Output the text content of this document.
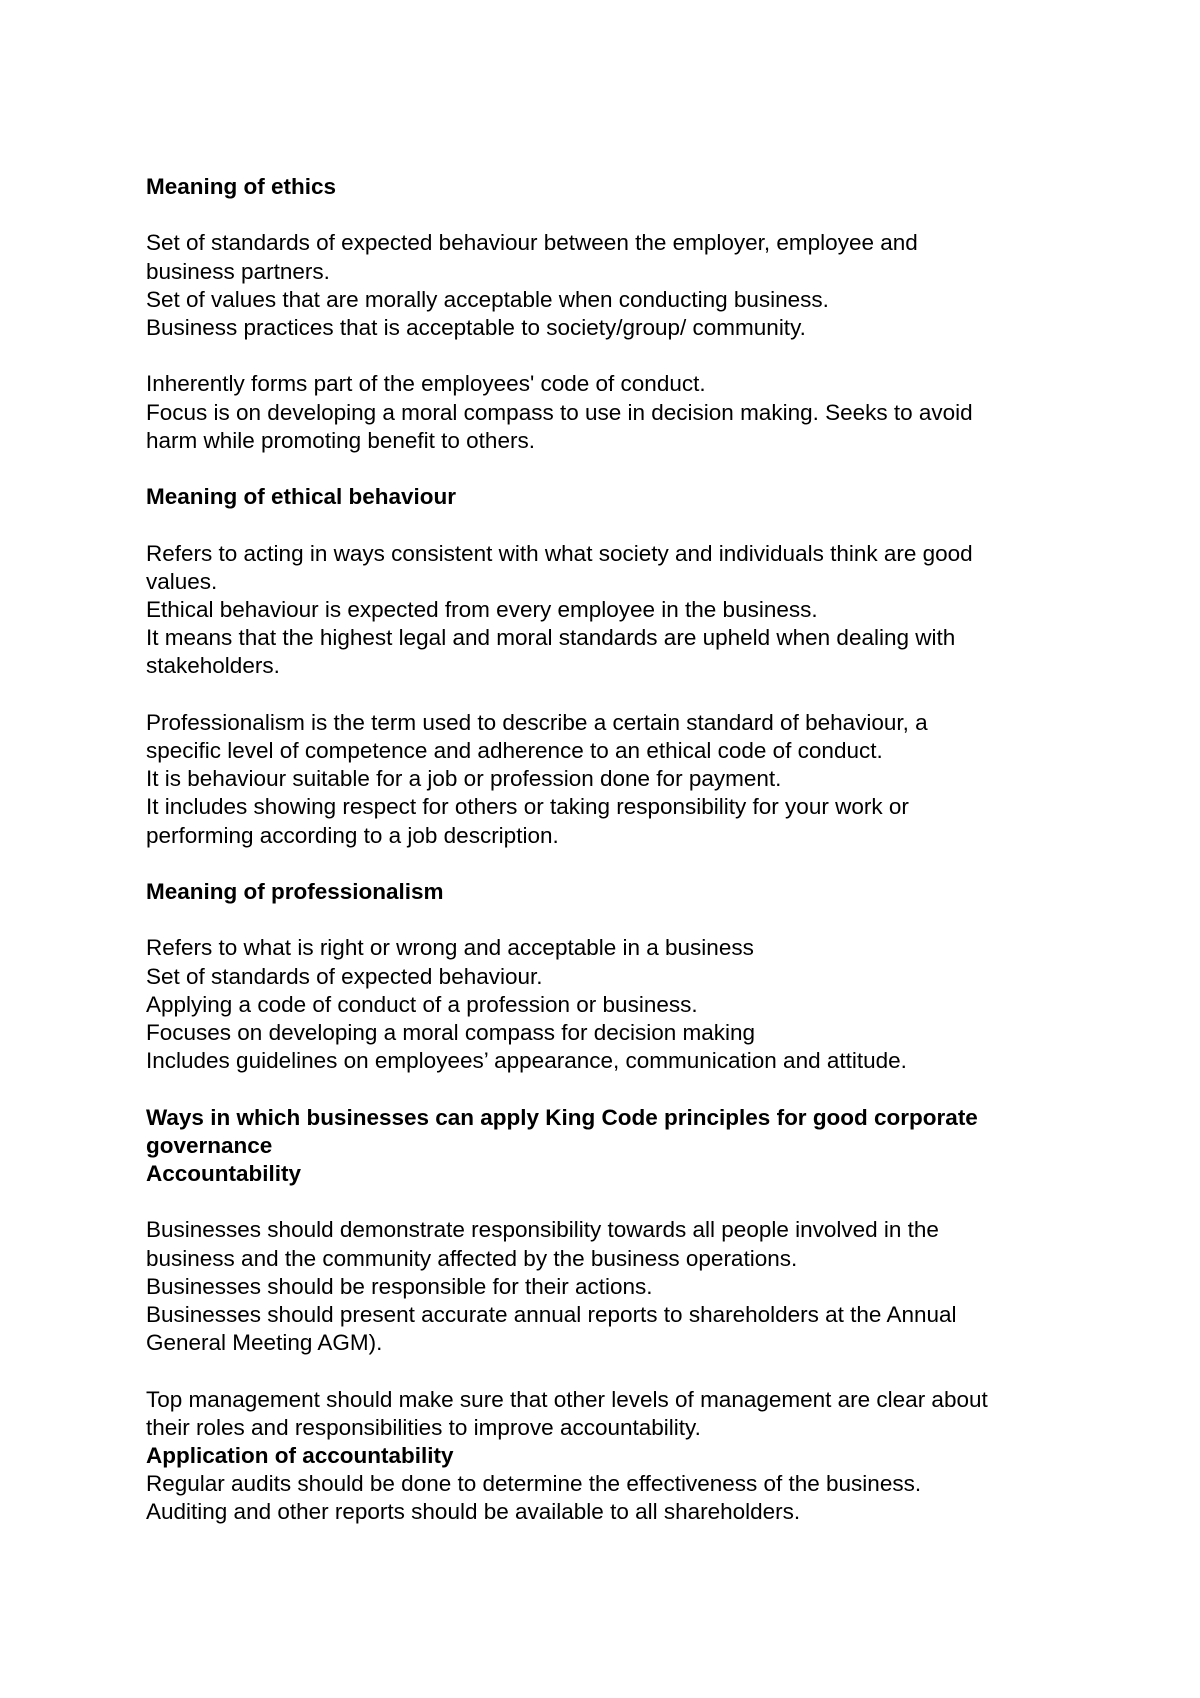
Meaning of ethics
Set of standards of expected behaviour between the employer, employee and
business partners.
Set of values that are morally acceptable when conducting business.
Business practices that is acceptable to society/group/ community.
Inherently forms part of the employees' code of conduct.
Focus is on developing a moral compass to use in decision making. Seeks to avoid
harm while promoting benefit to others.
Meaning of ethical behaviour
Refers to acting in ways consistent with what society and individuals think are good
values.
Ethical behaviour is expected from every employee in the business.
It means that the highest legal and moral standards are upheld when dealing with
stakeholders.
Professionalism is the term used to describe a certain standard of behaviour, a
specific level of competence and adherence to an ethical code of conduct.
It is behaviour suitable for a job or profession done for payment.
It includes showing respect for others or taking responsibility for your work or
performing according to a job description.
Meaning of professionalism
Refers to what is right or wrong and acceptable in a business
Set of standards of expected behaviour.
Applying a code of conduct of a profession or business.
Focuses on developing a moral compass for decision making
Includes guidelines on employees’ appearance, communication and attitude.
Ways in which businesses can apply King Code principles for good corporate
governance
Accountability
Businesses should demonstrate responsibility towards all people involved in the
business and the community affected by the business operations.
Businesses should be responsible for their actions.
Businesses should present accurate annual reports to shareholders at the Annual
General Meeting AGM).
Top management should make sure that other levels of management are clear about
their roles and responsibilities to improve accountability.
Application of accountability
Regular audits should be done to determine the effectiveness of the business.
Auditing and other reports should be available to all shareholders.
